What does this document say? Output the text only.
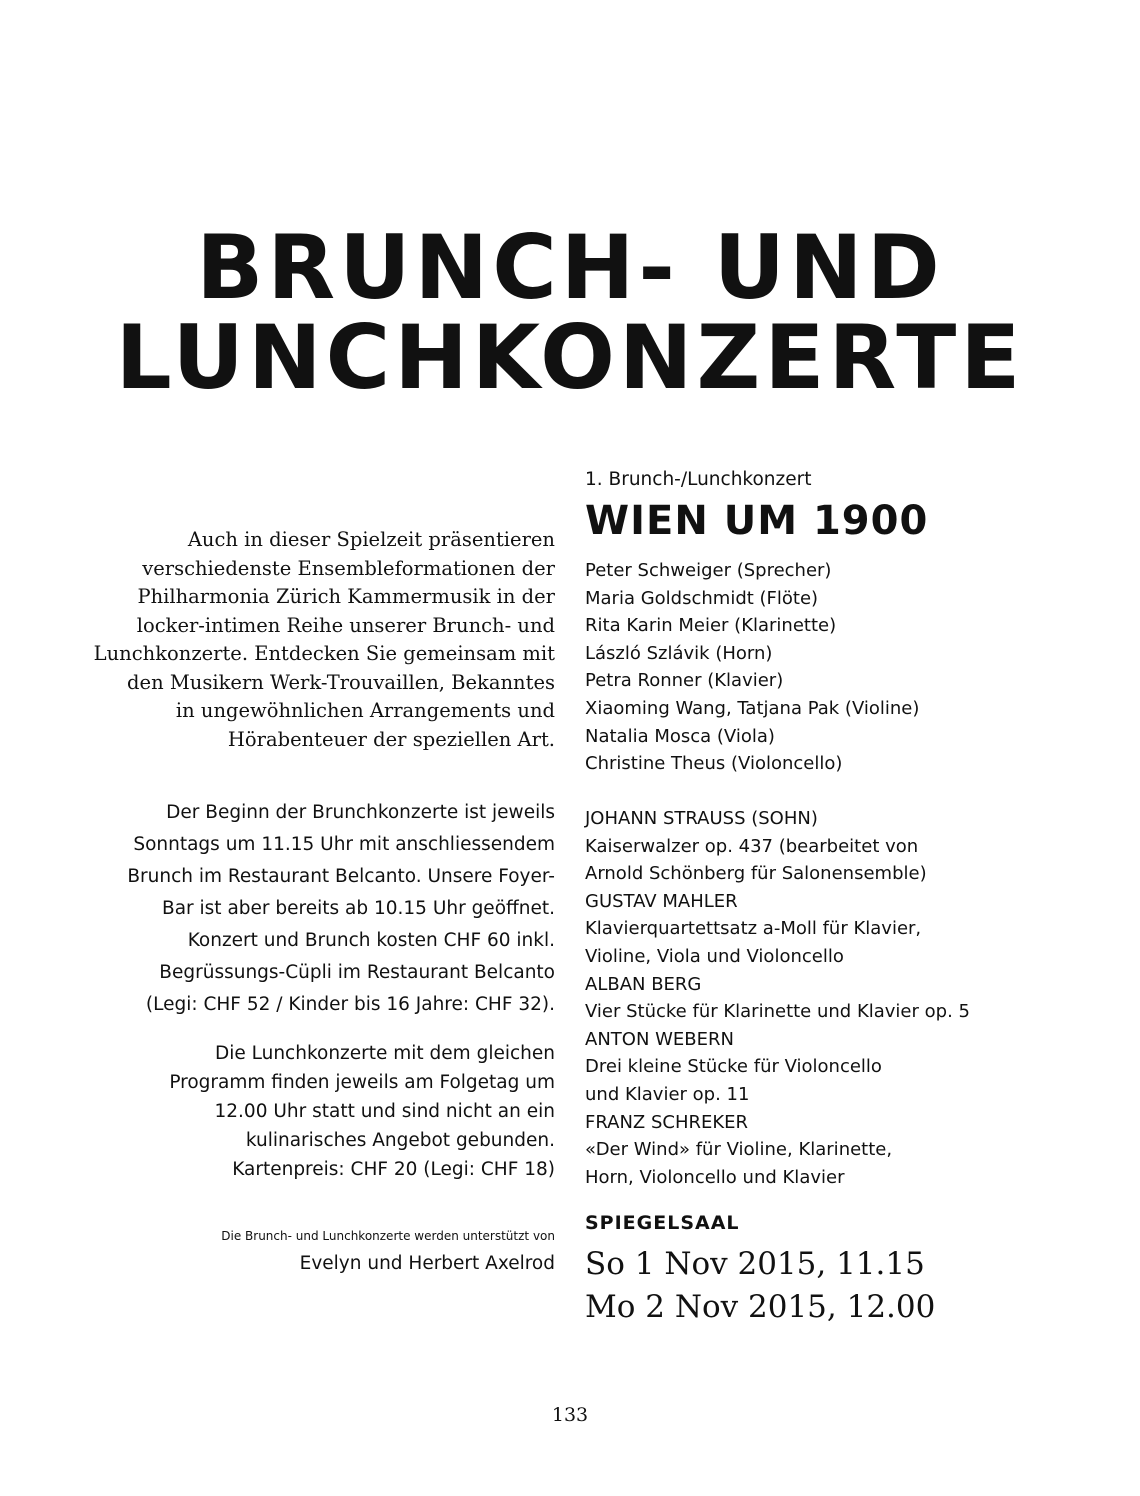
BRUNCH- UND
LUNCHKONZERTE
Auch in dieser Spielzeit präsentieren
verschiedenste Ensembleformationen der
Philharmonia Zürich Kammermusik in der
locker-intimen Reihe unserer Brunch- und
Lunchkonzerte. Entdecken Sie gemeinsam mit
den Musikern Werk-Trouvaillen, Bekanntes
in ungewöhnlichen Arrangements und
Hörabenteuer der speziellen Art.
Der Beginn der Brunchkonzerte ist jeweils
Sonntags um 11.15 Uhr mit anschliessendem
Brunch im Restaurant Belcanto. Unsere Foyer-
Bar ist aber bereits ab 10.15 Uhr geöffnet.
Konzert und Brunch kosten CHF 60 inkl.
Begrüssungs-Cüpli im Restaurant Belcanto
(Legi: CHF 52 / Kinder bis 16 Jahre: CHF 32).
Die Lunchkonzerte mit dem gleichen
Programm finden jeweils am Folgetag um
12.00 Uhr statt und sind nicht an ein
kulinarisches Angebot gebunden.
Kartenpreis: CHF 20 (Legi: CHF 18)
Die Brunch- und Lunchkonzerte werden unterstützt von
Evelyn und Herbert Axelrod
1. Brunch-/Lunchkonzert
WIEN UM 1900
Peter Schweiger (Sprecher)
Maria Goldschmidt (Flöte)
Rita Karin Meier (Klarinette)
László Szlávik (Horn)
Petra Ronner (Klavier)
Xiaoming Wang, Tatjana Pak (Violine)
Natalia Mosca (Viola)
Christine Theus (Violoncello)
JOHANN STRAUSS (SOHN)
Kaiserwalzer op. 437 (bearbeitet von
Arnold Schönberg für Salonensemble)
GUSTAV MAHLER
Klavierquartettsatz a-Moll für Klavier,
Violine, Viola und Violoncello
ALBAN BERG
Vier Stücke für Klarinette und Klavier op. 5
ANTON WEBERN
Drei kleine Stücke für Violoncello
und Klavier op. 11
FRANZ SCHREKER
«Der Wind» für Violine, Klarinette,
Horn, Violoncello und Klavier
SPIEGELSAAL
So 1 Nov 2015, 11.15
Mo 2 Nov 2015, 12.00
133
